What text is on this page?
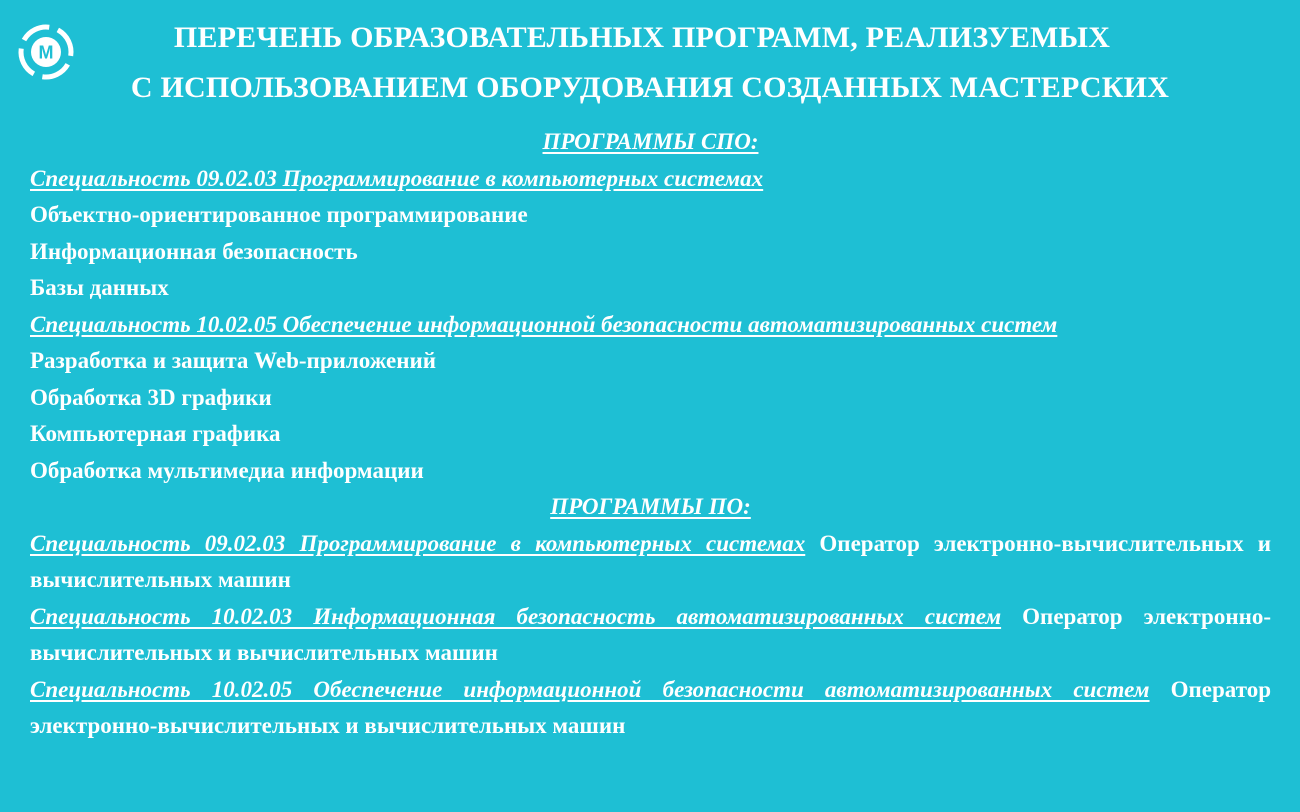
М	ПЕРЕЧЕНЬ ОБРАЗОВАТЕЛЬНЫХ ПРОГРАММ, РЕАЛИЗУЕМЫХ
С ИСПОЛЬЗОВАНИЕМ ОБОРУДОВАНИЯ СОЗДАННЫХ МАСТЕРСКИХ
ПРОГРАММЫ СПО:
Специальность 09.02.03 Программирование в компьютерных системах
Объектно-ориентированное программирование
Информационная безопасность
Базы данных

Специальность 10.02.05 Обеспечение информационной безопасности автоматизированных систем

Разработка и защита Web-приложений
Обработка 3D графики
Компьютерная графика
Обработка мультимедиа информации
ПРОГРАММЫ ПО:

Специальность 09.02.03 Программирование в компьютерных системах Оператор электронно-вычислительных и вычислительных машин

Специальность 10.02.03 Информационная безопасность автоматизированных систем Оператор электронно-вычислительных и вычислительных машин

Специальность 10.02.05 Обеспечение информационной безопасности автоматизированных систем Оператор электронно-вычислительных и вычислительных машин
